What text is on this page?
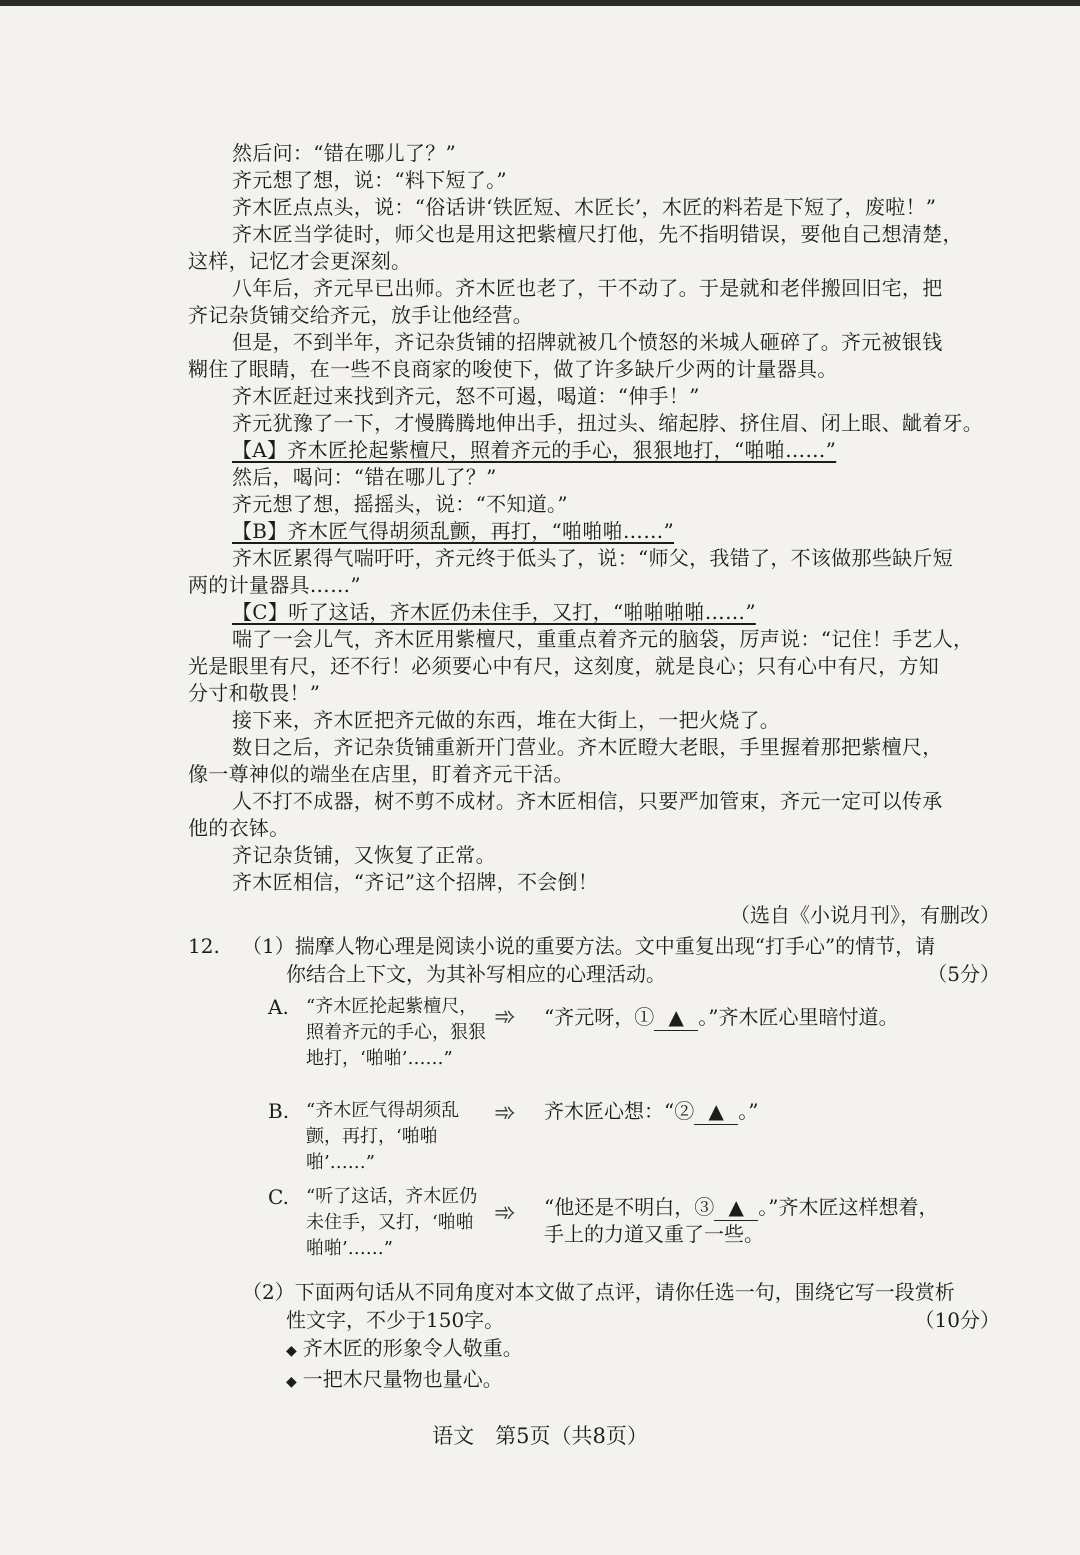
然后问：“错在哪儿了？”
齐元想了想，说：“料下短了。”
齐木匠点点头，说：“俗话讲‘铁匠短、木匠长’，木匠的料若是下短了，废啦！”
齐木匠当学徒时，师父也是用这把紫檀尺打他，先不指明错误，要他自己想清楚，
这样，记忆才会更深刻。
八年后，齐元早已出师。齐木匠也老了，干不动了。于是就和老伴搬回旧宅，把
齐记杂货铺交给齐元，放手让他经营。
但是，不到半年，齐记杂货铺的招牌就被几个愤怒的米城人砸碎了。齐元被银钱
糊住了眼睛，在一些不良商家的唆使下，做了许多缺斤少两的计量器具。
齐木匠赶过来找到齐元，怒不可遏，喝道：“伸手！”
齐元犹豫了一下，才慢腾腾地伸出手，扭过头、缩起脖、挤住眉、闭上眼、龇着牙。
【A】齐木匠抡起紫檀尺，照着齐元的手心，狠狠地打，“啪啪……”
然后，喝问：“错在哪儿了？”
齐元想了想，摇摇头，说：“不知道。”
【B】齐木匠气得胡须乱颤，再打，“啪啪啪……”
齐木匠累得气喘吁吁，齐元终于低头了，说：“师父，我错了，不该做那些缺斤短
两的计量器具……”
【C】听了这话，齐木匠仍未住手，又打，“啪啪啪啪……”
喘了一会儿气，齐木匠用紫檀尺，重重点着齐元的脑袋，厉声说：“记住！手艺人，
光是眼里有尺，还不行！必须要心中有尺，这刻度，就是良心；只有心中有尺，方知
分寸和敬畏！”
接下来，齐木匠把齐元做的东西，堆在大街上，一把火烧了。
数日之后，齐记杂货铺重新开门营业。齐木匠瞪大老眼，手里握着那把紫檀尺，
像一尊神似的端坐在店里，盯着齐元干活。
人不打不成器，树不剪不成材。齐木匠相信，只要严加管束，齐元一定可以传承
他的衣钵。
齐记杂货铺，又恢复了正常。
齐木匠相信，“齐记”这个招牌，不会倒！
（选自《小说月刊》，有删改）
12. （1）揣摩人物心理是阅读小说的重要方法。文中重复出现“打手心”的情节，请
你结合上下文，为其补写相应的心理活动。	（5分）
A. “齐木匠抡起紫檀尺，照着齐元的手心，狠狠地打，‘啪啪’……”
➾ “齐元呀，① ▲ 。”齐木匠心里暗忖道。
B. “齐木匠气得胡须乱颤，再打，‘啪啪啪’……”
➾ 齐木匠心想：“② ▲ 。”
C. “听了这话，齐木匠仍未住手，又打，‘啪啪啪啪’……”
➾ “他还是不明白，③ ▲ 。”齐木匠这样想着，
手上的力道又重了一些。
（2）下面两句话从不同角度对本文做了点评，请你任选一句，围绕它写一段赏析
性文字，不少于150字。	（10分）
◆ 齐木匠的形象令人敬重。
◆ 一把木尺量物也量心。
语文　第5页（共8页）
